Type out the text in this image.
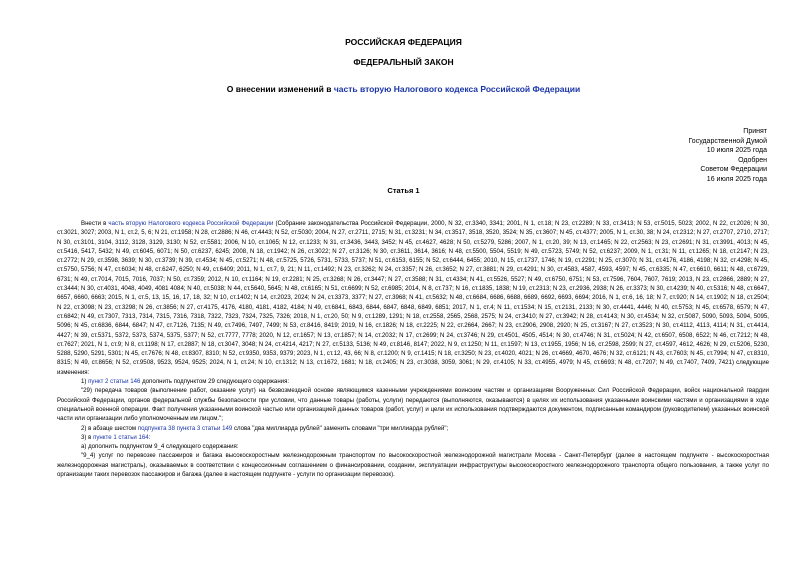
РОССИЙСКАЯ ФЕДЕРАЦИЯ
ФЕДЕРАЛЬНЫЙ ЗАКОН
О внесении изменений в часть вторую Налогового кодекса Российской Федерации
Принят
Государственной Думой
10 июля 2025 года
Одобрен
Советом Федерации
16 июля 2025 года
Статья 1

Внести в часть вторую Налогового кодекса Российской Федерации (Собрание законодательства Российской Федерации, 2000, N 32, ст.3340, 3341; 2001, N 1, ст.18; N 23, ст.2289; N 33, ст.3413; N 53, ст.5015, 5023; 2002, N 22, ст.2026; N 30, ст.3021, 3027; 2003, N 1, ст.2, 5, 6; N 21, ст.1958; N 28, ст.2886; N 46, ст.4443; N 52, ст.5030; 2004, N 27, ст.2711, 2715; N 31, ст.3231; N 34, ст.3517, 3518, 3520, 3524; N 35, ст.3607; N 45, ст.4377; 2005, N 1, ст.30, 38; N 24, ст.2312; N 27, ст.2707, 2710, 2717; N 30, ст.3101, 3104, 3112, 3128, 3129, 3130; N 52, ст.5581; 2006, N 10, ст.1065; N 12, ст.1233; N 31, ст.3436, 3443, 3452; N 45, ст.4627, 4628; N 50, ст.5279, 5286; 2007, N 1, ст.20, 39; N 13, ст.1465; N 22, ст.2563; N 23, ст.2691; N 31, ст.3991, 4013; N 45, ст.5416, 5417, 5432; N 49, ст.6045, 6071; N 50, ст.6237, 6245; 2008, N 18, ст.1942; N 26, ст.3022; N 27, ст.3126; N 30, ст.3611, 3614, 3616; N 48, ст.5500, 5504, 5519; N 49, ст.5723, 5749; N 52, ст.6237; 2009, N 1, ст.31; N 11, ст.1265; N 18, ст.2147; N 23, ст.2772; N 29, ст.3598, 3639; N 30, ст.3739; N 39, ст.4534; N 45, ст.5271; N 48, ст.5725, 5726, 5731, 5733, 5737; N 51, ст.6153, 6155; N 52, ст.6444, 6455; 2010, N 15, ст.1737, 1746; N 19, ст.2291; N 25, ст.3070; N 31, ст.4176, 4186, 4198; N 32, ст.4298; N 45, ст.5750, 5756; N 47, ст.6034; N 48, ст.6247, 6250; N 49, ст.6409; 2011, N 1, ст.7, 9, 21; N 11, ст.1492; N 23, ст.3262; N 24, ст.3357; N 26, ст.3652; N 27, ст.3881; N 29, ст.4291; N 30, ст.4583, 4587, 4593, 4597; N 45, ст.6335; N 47, ст.6610, 6611; N 48, ст.6729, 6731; N 49, ст.7014, 7015, 7016, 7037; N 50, ст.7359; 2012, N 10, ст.1164; N 19, ст.2281; N 25, ст.3268; N 26, ст.3447; N 27, ст.3588; N 31, ст.4334; N 41, ст.5526, 5527; N 49, ст.6750, 6751; N 53, ст.7596, 7604, 7607, 7619; 2013, N 23, ст.2866, 2889; N 27, ст.3444; N 30, ст.4031, 4048, 4049, 4081 4084; N 40, ст.5038; N 44, ст.5640, 5645; N 48, ст.6165; N 51, ст.6699; N 52, ст.6985; 2014, N 8, ст.737; N 16, ст.1835, 1838; N 19, ст.2313; N 23, ст.2936, 2938; N 26, ст.3373; N 30, ст.4239; N 40, ст.5316; N 48, ст.6647, 6657, 6660, 6663; 2015, N 1, ст.5, 13, 15, 16, 17, 18, 32; N 10, ст.1402; N 14, ст.2023, 2024; N 24, ст.3373, 3377; N 27, ст.3968; N 41, ст.5632; N 48, ст.6684, 6686, 6688, 6689, 6692, 6693, 6694; 2016, N 1, ст.6, 16, 18; N 7, ст.920; N 14, ст.1902; N 18, ст.2504; N 22, ст.3098; N 23, ст.3298; N 26, ст.3856; N 27, ст.4175, 4176, 4180, 4181, 4182, 4184; N 49, ст.6841, 6843, 6844, 6847, 6848, 6849, 6851; 2017, N 1, ст.4; N 11, ст.1534; N 15, ст.2131, 2133; N 30, ст.4441, 4446; N 40, ст.5753; N 45, ст.6578, 6579; N 47, ст.6842; N 49, ст.7307, 7313, 7314, 7315, 7316, 7318, 7322, 7323, 7324, 7325, 7326; 2018, N 1, ст.20, 50; N 9, ст.1289, 1291; N 18, ст.2558, 2565, 2568, 2575; N 24, ст.3410; N 27, ст.3942; N 28, ст.4143; N 30, ст.4534; N 32, ст.5087, 5090, 5093, 5094, 5095, 5096; N 45, ст.6836, 6844, 6847; N 47, ст.7126, 7135; N 49, ст.7496, 7497, 7499; N 53, ст.8416, 8419; 2019, N 16, ст.1826; N 18, ст.2225; N 22, ст.2664, 2667; N 23, ст.2906, 2908, 2920; N 25, ст.3167; N 27, ст.3523; N 30, ст.4112, 4113, 4114; N 31, ст.4414, 4427; N 39, ст.5371, 5372, 5373, 5374, 5375, 5377; N 52, ст.7777, 7778; 2020, N 12, ст.1657; N 13, ст.1857; N 14, ст.2032; N 17, ст.2699; N 24, ст.3746; N 29, ст.4501, 4505, 4514; N 30, ст.4746; N 31, ст.5024; N 42, ст.6507, 6508, 6522; N 46, ст.7212; N 48, ст.7627; 2021, N 1, ст.9; N 8, ст.1198; N 17, ст.2887; N 18, ст.3047, 3048; N 24, ст.4214, 4217; N 27, ст.5133, 5136; N 49, ст.8146, 8147; 2022, N 9, ст.1250; N 11, ст.1597; N 13, ст.1955, 1956; N 16, ст.2598, 2599; N 27, ст.4597, 4612, 4626; N 29, ст.5206, 5230, 5288, 5290, 5291, 5301; N 45, ст.7676; N 48, ст.8307, 8310; N 52, ст.9350, 9353, 9379; 2023, N 1, ст.12, 43, 66; N 8, ст.1200; N 9, ст.1415; N 18, ст.3250; N 23, ст.4020, 4021; N 26, ст.4669, 4670, 4676; N 32, ст.6121; N 43, ст.7603; N 45, ст.7994; N 47, ст.8310, 8315; N 49, ст.8656; N 52, ст.9508, 9523, 9524, 9525; 2024, N 1, ст.24; N 10, ст.1312; N 13, ст.1672, 1681; N 18, ст.2405; N 23, ст.3038, 3059, 3061; N 29, ст.4105; N 33, ст.4955, 4979; N 45, ст.6693; N 48, ст.7207; N 49, ст.7407, 7409, 7421) следующие изменения:

1) пункт 2 статьи 146 дополнить подпунктом 29 следующего содержания:

"29) передача товаров (выполнение работ, оказание услуг) на безвозмездной основе являющимся казенными учреждениями воинским частям и организациям Вооруженных Сил Российской Федерации, войск национальной гвардии Российской Федерации, органов федеральной службы безопасности при условии, что данные товары (работы, услуги) передаются (выполняются, оказываются) в целях их использования указанными воинскими частями и организациями в ходе специальной военной операции. Факт получения указанными воинской частью или организацией данных товаров (работ, услуг) и цели их использования подтверждаются документом, подписанным командиром (руководителем) указанных воинской части или организации либо уполномоченным им лицом.";

2) в абзаце шестом подпункта 38 пункта 3 статьи 149 слова "два миллиарда рублей" заменить словами "три миллиарда рублей";

3) в пункте 1 статьи 164:

а) дополнить подпунктом 9_4 следующего содержания:

"9_4) услуг по перевозке пассажиров и багажа высокоскоростным железнодорожным транспортом по высокоскоростной железнодорожной магистрали Москва - Санкт-Петербург (далее в настоящем подпункте - высокоскоростная железнодорожная магистраль), оказываемых в соответствии с концессионным соглашением о финансировании, создании, эксплуатации инфраструктуры высокоскоростного железнодорожного транспорта общего пользования, а также услуг по организации таких перевозок пассажиров и багажа (далее в настоящем подпункте - услуги по организации перевозок).
